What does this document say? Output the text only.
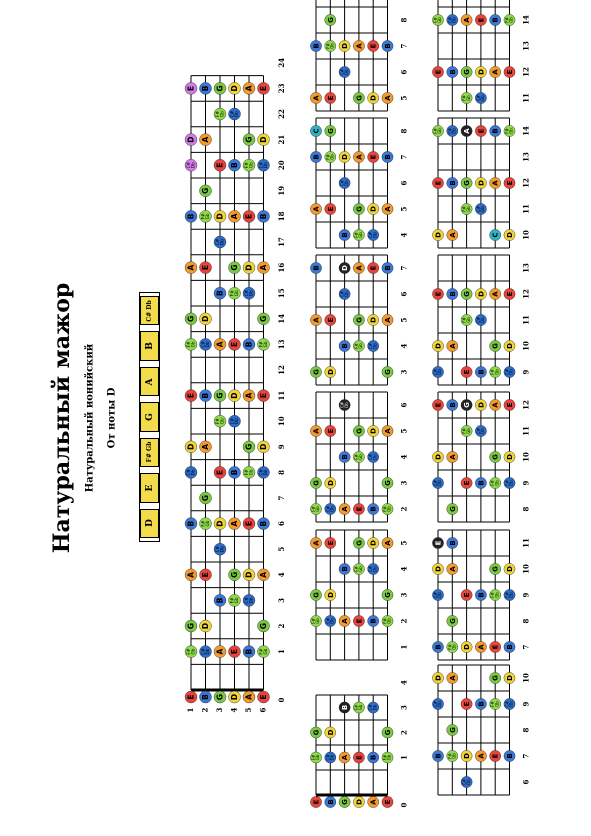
Натуральный мажор Натуральный ионийский От ноты D
D
E
F# Gb
G
A
B
C# Db
0
1
2
3
4
5
6
7
8
9
10
11
12
13
14
15
16
17
18
19
20
21
22
23
24
E B G D A E
F# Gb C# Db A E B F# Gb
G D	G
B F# Gb C# Db
A E	G D A
C# Db
B F# Gb D A E B
G
C# Db	E B F# Gb C# Db
D A	G D
F# Gb C# Db
E B G D A E
F# Gb C# Db A E B F# Gb
G D	G
B F# Gb C# Db
A E	G D A
C# Db
B F# Gb D A E B
G
C# Db	E B F# Gb C# Db
D A	G D
F# Gb C# Db
E B G D A E
1 2 3 4 5 6
0
1
2
3
4
E B G D A E
F# Gb C# Db A E B F# Gb
G D	G
B F# Gb C# Db
1
2
3
4
5
F# Gb C# Db A E B F# Gb
G D	G
B F# Gb C# Db
A E	G D A
2
3
4
5
6
F# Gb C# Db A E B F# Gb
G D	G
B F# Gb C# Db
A E	G D A
C# Db
3
4
5
6
7
G D	G
B F# Gb C# Db
A E	G D A
C# Db
B	D A E B
4
5
6
7
8
B F# Gb C# Db
A E	G D A
C# Db
B F# Gb D A E B
C G
5
6
7
8
A E	G D A
C# Db
B F# Gb D A E B
G
6
7
8
9
10
C# Db
B F# Gb D A E B
G
C# Db	E B F# Gb C# Db
D A	G D
7
8
9
10
11
B F# Gb D A E B
G
C# Db	E B F# Gb C# Db
D A	G D
E B
8
9
10
11
12
G
C# Db	E B F# Gb C# Db
D A	G D
F# Gb C# Db
E B G D A E
9
10
11
12
13
C# Db	E B F# Gb C# Db
D A	G D
F# Gb C# Db
E B G D A E
10
11
12
13
14
D A	C D
F# Gb C# Db
E B G D A E
F# Gb C# Db A E B F# Gb
11
12
13
14
F# Gb C# Db
E B G D A E
F# Gb C# Db A E B F# Gb
